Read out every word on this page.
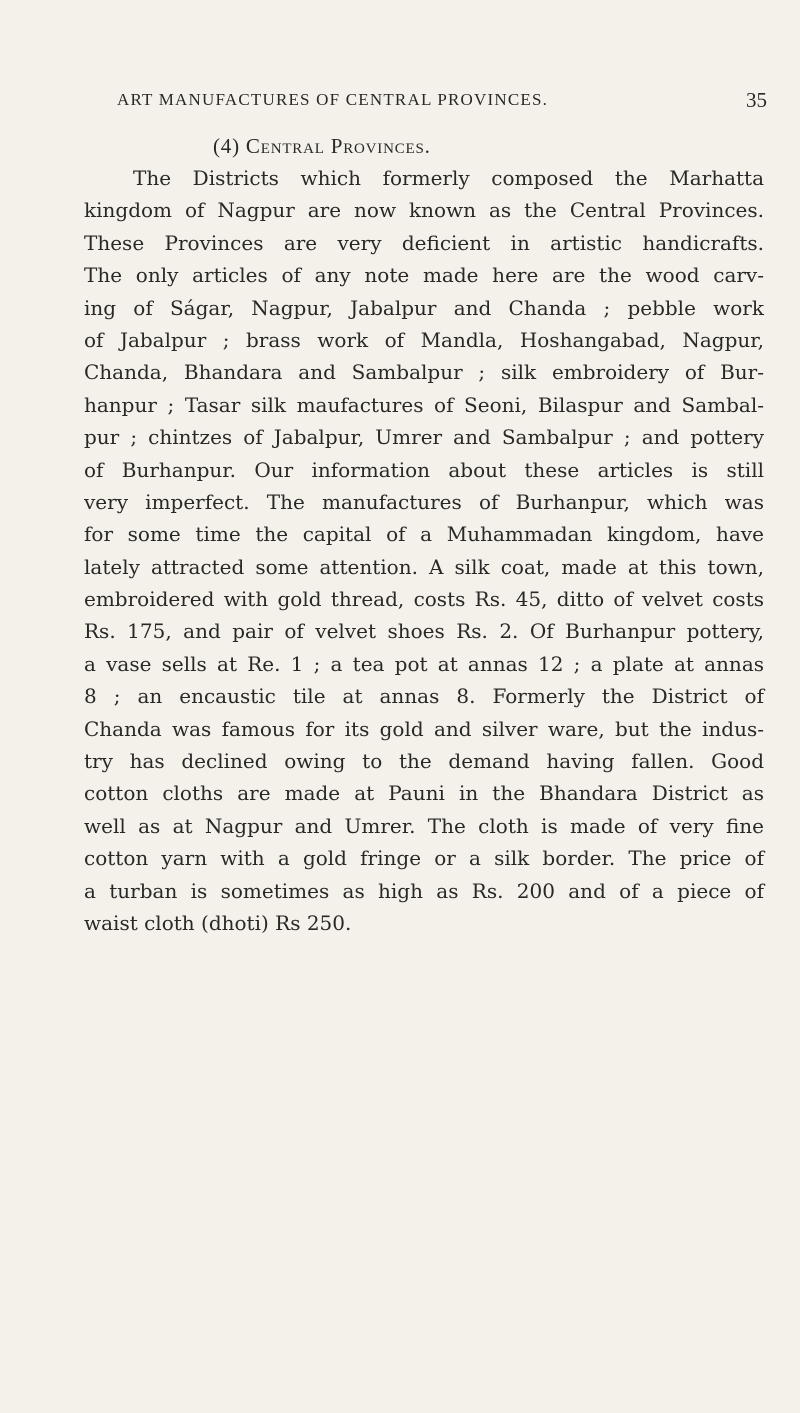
ART MANUFACTURES OF CENTRAL PROVINCES.	35
(4) Central Provinces.
The Districts which formerly composed the Marhatta
kingdom of Nagpur are now known as the Central Provinces.
These Provinces are very deficient in artistic handicrafts.
The only articles of any note made here are the wood carv-
ing of Ságar, Nagpur, Jabalpur and Chanda ; pebble work
of Jabalpur ; brass work of Mandla, Hoshangabad, Nagpur,
Chanda, Bhandara and Sambalpur ; silk embroidery of Bur-
hanpur ; Tasar silk maufactures of Seoni, Bilaspur and Sambal-
pur ; chintzes of Jabalpur, Umrer and Sambalpur ; and pottery
of Burhanpur. Our information about these articles is still
very imperfect. The manufactures of Burhanpur, which was
for some time the capital of a Muhammadan kingdom, have
lately attracted some attention. A silk coat, made at this town,
embroidered with gold thread, costs Rs. 45, ditto of velvet costs
Rs. 175, and pair of velvet shoes Rs. 2. Of Burhanpur pottery,
a vase sells at Re. 1 ; a tea pot at annas 12 ; a plate at annas
8 ; an encaustic tile at annas 8. Formerly the District of
Chanda was famous for its gold and silver ware, but the indus-
try has declined owing to the demand having fallen. Good
cotton cloths are made at Pauni in the Bhandara District as
well as at Nagpur and Umrer. The cloth is made of very fine
cotton yarn with a gold fringe or a silk border. The price of
a turban is sometimes as high as Rs. 200 and of a piece of
waist cloth (dhoti) Rs 250.
